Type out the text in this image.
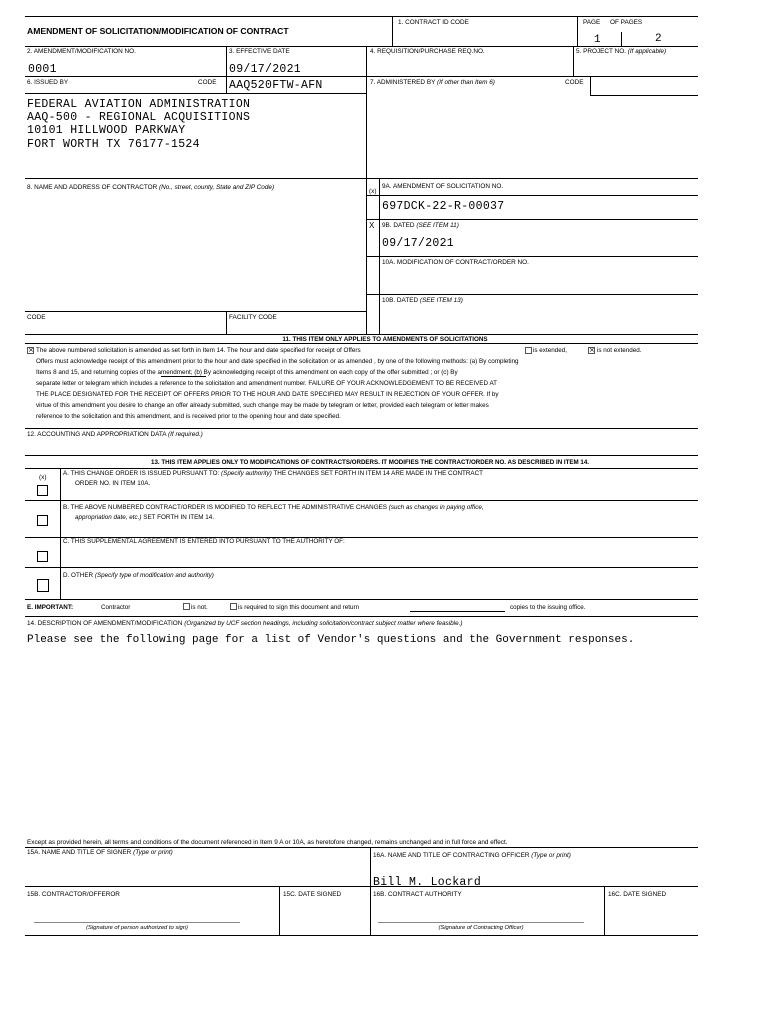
AMENDMENT OF SOLICITATION/MODIFICATION OF CONTRACT
1. CONTRACT ID CODE	PAGE OF PAGES
1	2
2. AMENDMENT/MODIFICATION NO.
0001
3. EFFECTIVE DATE
09/17/2021
4. REQUISITION/PURCHASE REQ.NO.	5. PROJECT NO. (If applicable)
6. ISSUED BY	CODE AAQ520FTW-AFN	7. ADMINISTERED BY (If other than Item 6)	CODE
FEDERAL AVIATION ADMINISTRATION
AAQ-500 - REGIONAL ACQUISITIONS
10101 HILLWOOD PARKWAY
FORT WORTH TX 76177-1524
8. NAME AND ADDRESS OF CONTRACTOR (No., street, county, State and ZIP Code)
(x)
9A. AMENDMENT OF SOLICITATION NO.
697DCK-22-R-00037
X 9B. DATED (SEE ITEM 11)
09/17/2021
10A. MODIFICATION OF CONTRACT/ORDER NO.
10B. DATED (SEE ITEM 13)
CODE	FACILITY CODE
11. THIS ITEM ONLY APPLIES TO AMENDMENTS OF SOLICITATIONS
× The above numbered solicitation is amended as set forth in Item 14. The hour and date specified for receipt of Offers	is extended,	× is not extended.
Offers must acknowledge receipt of this amendment prior to the hour and date specified in the solicitation or as amended , by one of the following methods: (a) By completing
Items 8 and 15, and returning copies of the amendment; (b) By acknowledging receipt of this amendment on each copy of the offer submitted ; or (c) By
separate letter or telegram which includes a reference to the solicitation and amendment number. FAILURE OF YOUR ACKNOWLEDGEMENT TO BE RECEIVED AT
THE PLACE DESIGNATED FOR THE RECEIPT OF OFFERS PRIOR TO THE HOUR AND DATE SPECIFIED MAY RESULT IN REJECTION OF YOUR OFFER. If by
virtue of this amendment you desire to change an offer already submitted, such change may be made by telegram or letter, provided each telegram or letter makes
reference to the solicitation and this amendment, and is received prior to the opening hour and date specified.
12. ACCOUNTING AND APPROPRIATION DATA (If required.)
13. THIS ITEM APPLIES ONLY TO MODIFICATIONS OF CONTRACTS/ORDERS. IT MODIFIES THE CONTRACT/ORDER NO. AS DESCRIBED IN ITEM 14.
(x)
A. THIS CHANGE ORDER IS ISSUED PURSUANT TO: (Specify authority) THE CHANGES SET FORTH IN ITEM 14 ARE MADE IN THE CONTRACT
ORDER NO. IN ITEM 10A.
B. THE ABOVE NUMBERED CONTRACT/ORDER IS MODIFIED TO REFLECT THE ADMINISTRATIVE CHANGES (such as changes in paying office,
appropriation date, etc.) SET FORTH IN ITEM 14.
C. THIS SUPPLEMENTAL AGREEMENT IS ENTERED INTO PURSUANT TO THE AUTHORITY OF:
D. OTHER (Specify type of modification and authority)
E. IMPORTANT:	Contractor	is not.	is required to sign this document and return	copies to the issuing office.
14. DESCRIPTION OF AMENDMENT/MODIFICATION (Organized by UCF section headings, including solicitation/contract subject matter where feasible.)
Please see the following page for a list of Vendor's questions and the Government responses.
Except as provided herein, all terms and conditions of the document referenced in Item 9 A or 10A, as heretofore changed, remains unchanged and in full force and effect.
15A. NAME AND TITLE OF SIGNER (Type or print)	16A. NAME AND TITLE OF CONTRACTING OFFICER (Type or print)
Bill M. Lockard
15B. CONTRACTOR/OFFEROR	15C. DATE SIGNED	16B. CONTRACT AUTHORITY	16C. DATE SIGNED
(Signature of person authorized to sign)	(Signature of Contracting Officer)
